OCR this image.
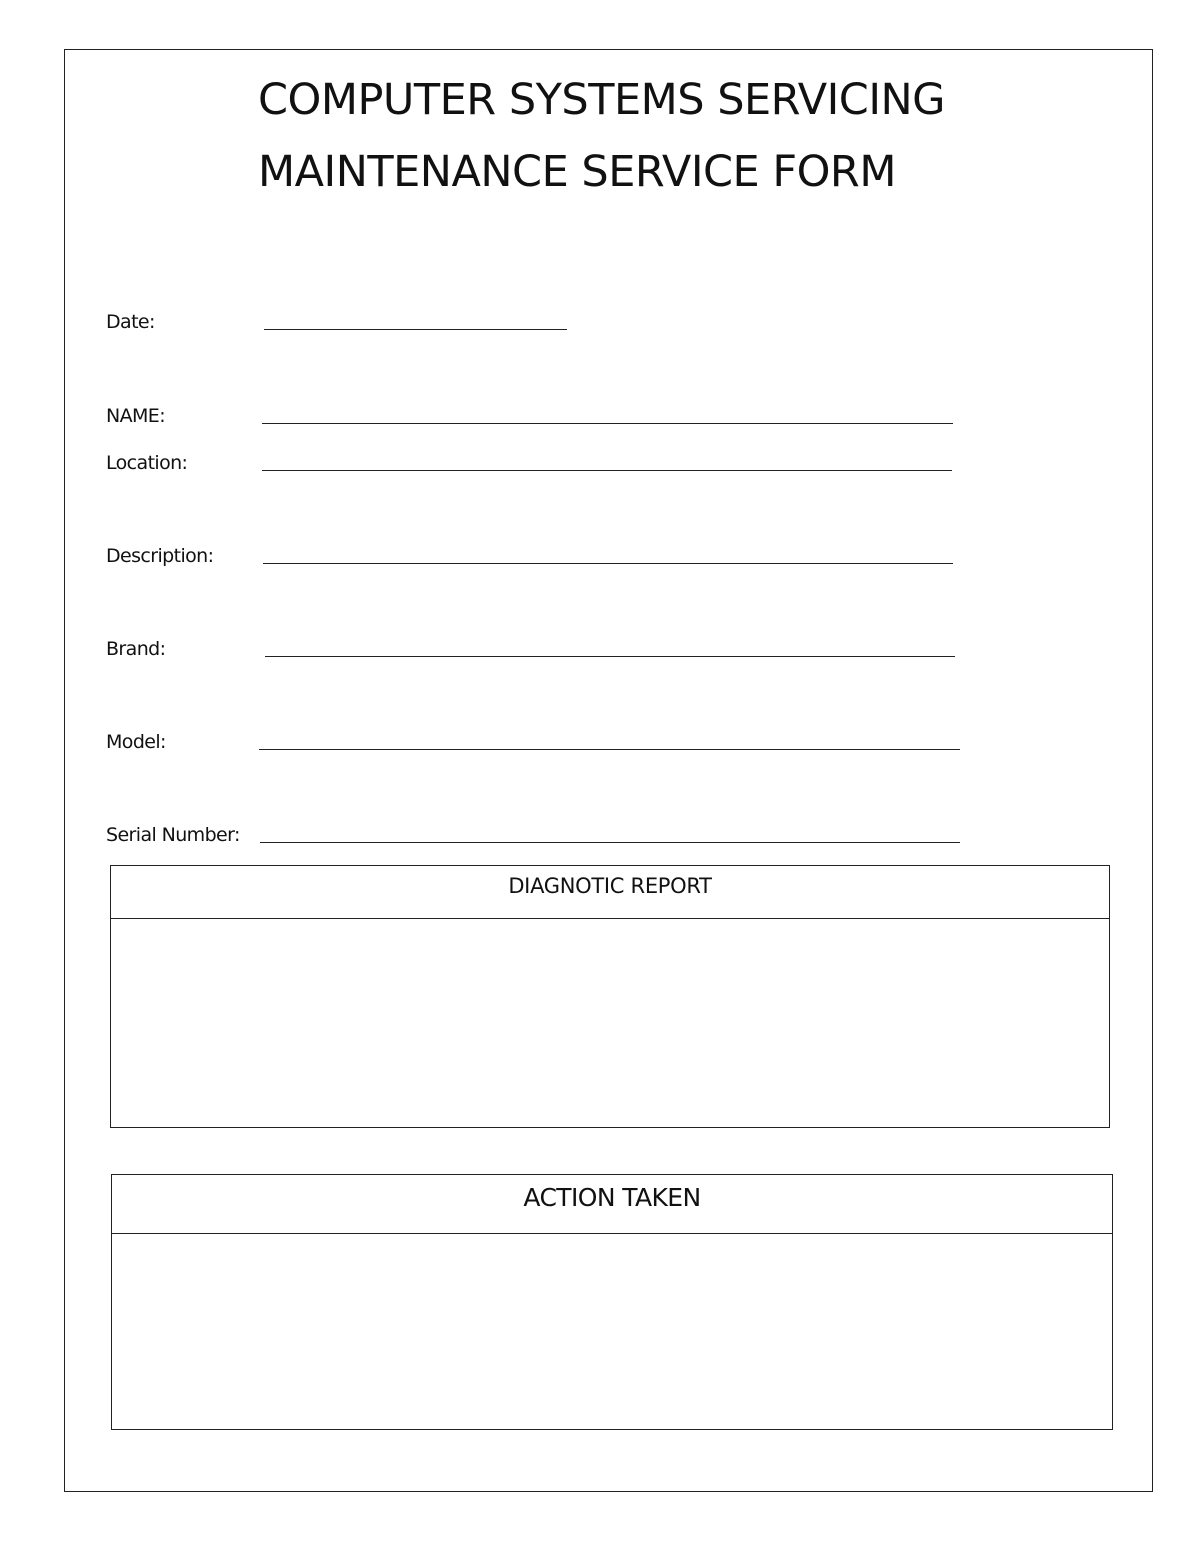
COMPUTER SYSTEMS SERVICING
MAINTENANCE SERVICE FORM
Date:
NAME:
Location:
Description:
Brand:
Model:
Serial Number:
DIAGNOTIC REPORT
ACTION TAKEN
